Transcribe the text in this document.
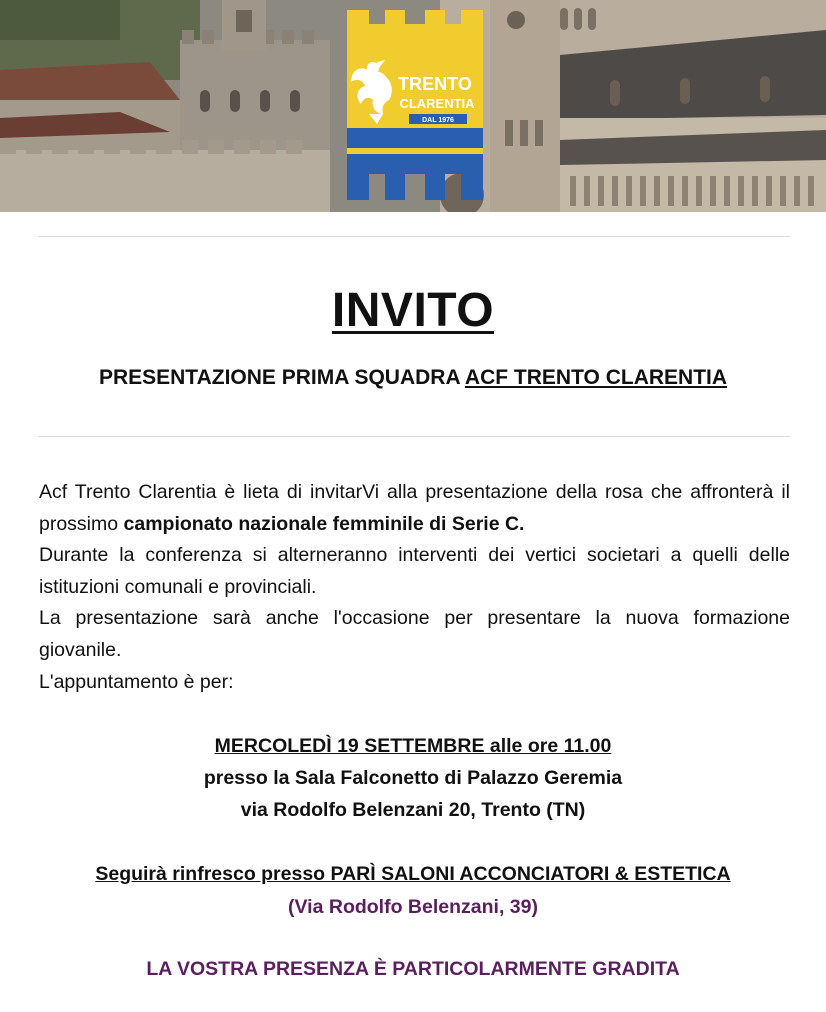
TRENTO
CLARENTIA
DAL 1976
INVITO
PRESENTAZIONE PRIMA SQUADRA ACF TRENTO CLARENTIA

Acf Trento Clarentia è lieta di invitarVi alla presentazione della rosa che affronterà il prossimo campionato nazionale femminile di Serie C.

Durante la conferenza si alterneranno interventi dei vertici societari a quelli delle istituzioni comunali e provinciali.

La presentazione sarà anche l'occasione per presentare la nuova formazione giovanile.

L'appuntamento è per:

MERCOLEDÌ 19 SETTEMBRE alle ore 11.00
presso la Sala Falconetto di Palazzo Geremia
via Rodolfo Belenzani 20, Trento (TN)
Seguirà rinfresco presso PARÌ SALONI ACCONCIATORI & ESTETICA
(Via Rodolfo Belenzani, 39)
LA VOSTRA PRESENZA È PARTICOLARMENTE GRADITA
